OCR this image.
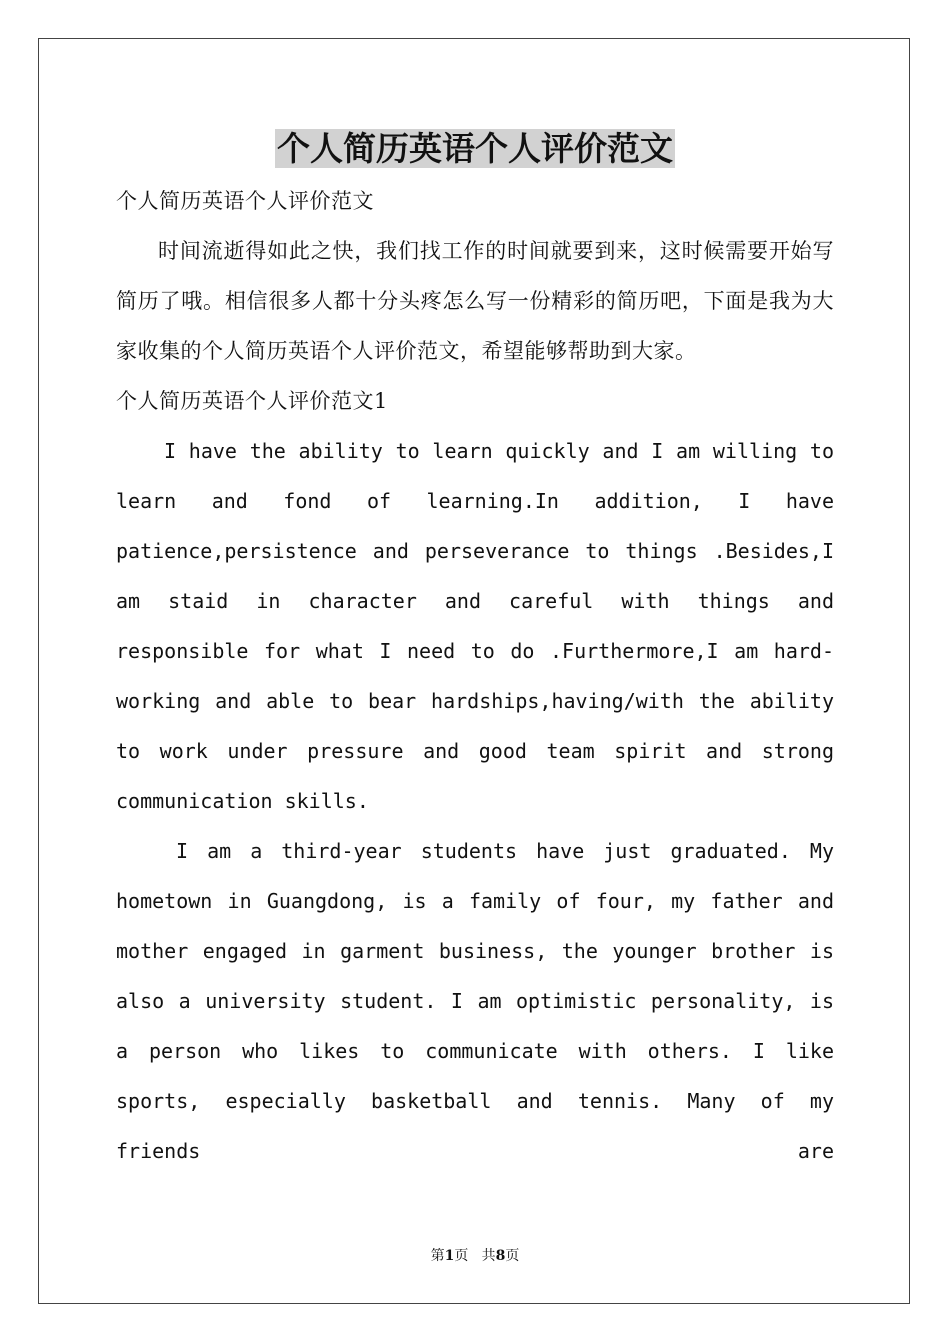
个人简历英语个人评价范文

个人简历英语个人评价范文

时间流逝得如此之快，我们找工作的时间就要到来，这时候需要开始写简历了哦。相信很多人都十分头疼怎么写一份精彩的简历吧，下面是我为大家收集的个人简历英语个人评价范文，希望能够帮助到大家。

个人简历英语个人评价范文1

I have the ability to learn quickly and I am willing to learn and fond of learning.In addition, I have patience,persistence and perseverance to things .Besides,I am staid in character and careful with things and responsible for what I need to do .Furthermore,I am hard-working and able to bear hardships,having/with the ability to work under pressure and good team spirit and strong communication skills.

I am a third-year students have just graduated. My hometown in Guangdong, is a family of four, my father and mother engaged in garment business, the younger brother is also a university student. I am optimistic personality, is a person who likes to communicate with others. I like sports, especially basketball and tennis. Many of my friends are

第1页 共8页
